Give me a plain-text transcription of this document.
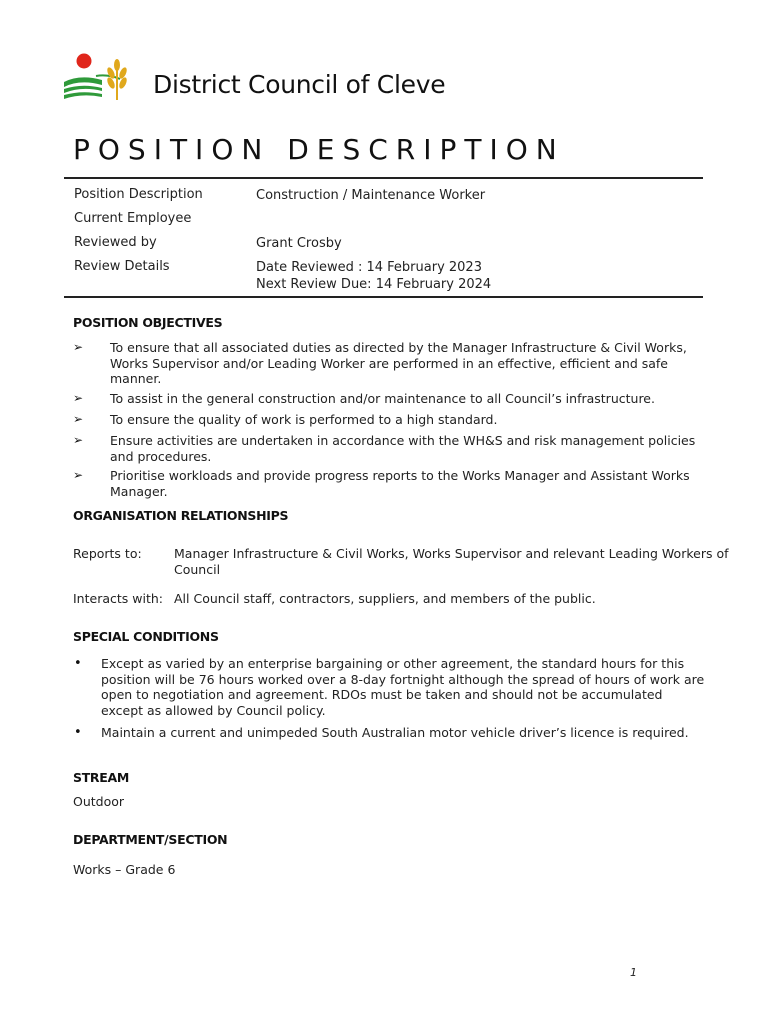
District Council of Cleve
POSITION DESCRIPTION
Position Description	Construction / Maintenance Worker
Current Employee
Reviewed by	Grant Crosby
Review Details	Date Reviewed : 14 February 2023
Next Review Due: 14 February 2024
POSITION OBJECTIVES
➢ To ensure that all associated duties as directed by the Manager Infrastructure & Civil Works,
Works Supervisor and/or Leading Worker are performed in an effective, efficient and safe
manner.
➢ To assist in the general construction and/or maintenance to all Council’s infrastructure.
➢ To ensure the quality of work is performed to a high standard.
➢ Ensure activities are undertaken in accordance with the WH&S and risk management policies
and procedures.
➢ Prioritise workloads and provide progress reports to the Works Manager and Assistant Works
Manager.
ORGANISATION RELATIONSHIPS
Reports to:	Manager Infrastructure & Civil Works, Works Supervisor and relevant Leading Workers of
Council
Interacts with: All Council staff, contractors, suppliers, and members of the public.
SPECIAL CONDITIONS
• Except as varied by an enterprise bargaining or other agreement, the standard hours for this
position will be 76 hours worked over a 8-day fortnight although the spread of hours of work are
open to negotiation and agreement. RDOs must be taken and should not be accumulated
except as allowed by Council policy.
• Maintain a current and unimpeded South Australian motor vehicle driver’s licence is required.
STREAM
Outdoor
DEPARTMENT/SECTION
Works – Grade 6
1
